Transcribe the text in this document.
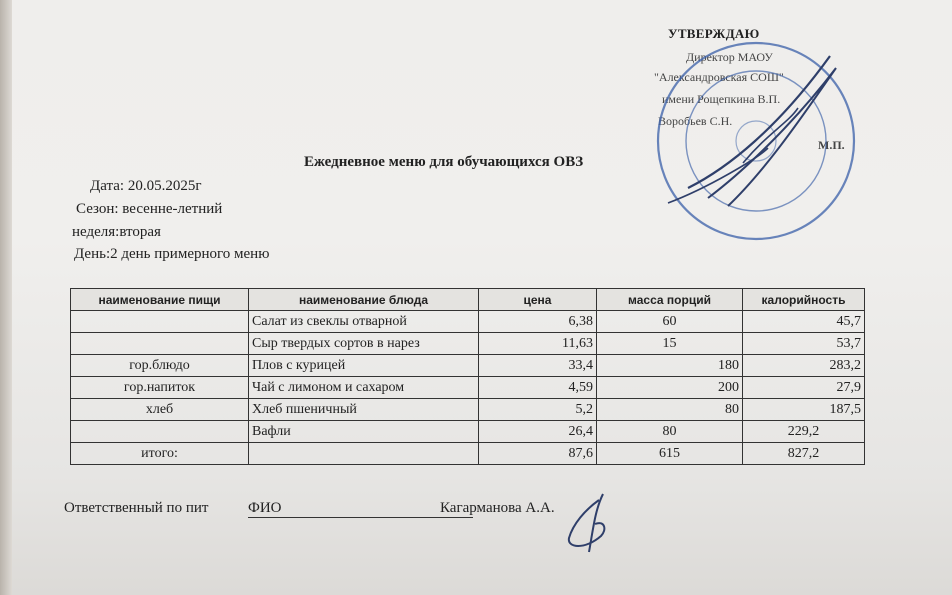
УТВЕРЖДАЮ
Директор МАОУ
"Александровская СОШ"
имени Рощепкина В.П.
Воробьев С.Н.
М.П.
Ежедневное меню для обучающихся ОВЗ
Дата: 20.05.2025г
Сезон: весенне-летний
неделя:вторая
День:2 день примерного меню
наименование пищи	наименование блюда	цена	масса порций	калорийность
	Салат из свеклы отварной	6,38	60	45,7
	Сыр твердых сортов в нарез	11,63	15	53,7
гор.блюдо	Плов с курицей	33,4	180	283,2
гор.напиток	Чай с лимоном и сахаром	4,59	200	27,9
хлеб	Хлеб пшеничный	5,2	80	187,5
	Вафли	26,4	80	229,2
итого:		87,6	615	827,2
Ответственный по пит	ФИО	Кагарманова А.А.
